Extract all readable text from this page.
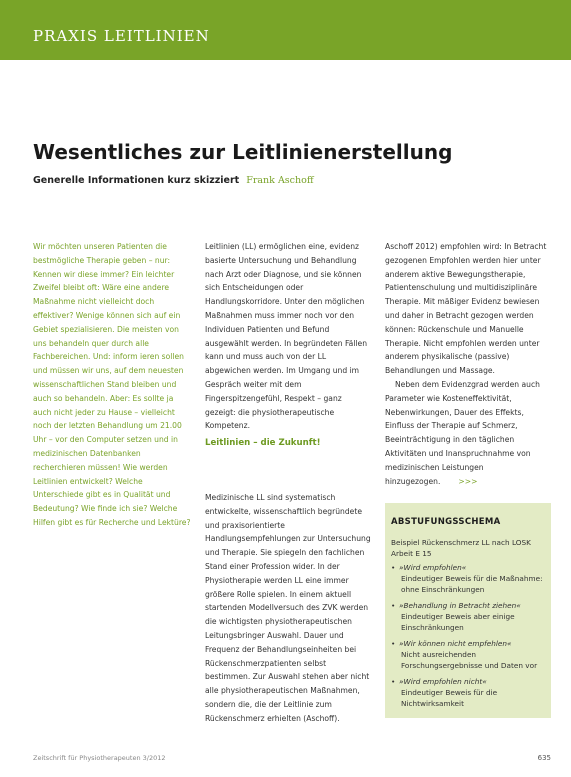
PRAXIS LEITLINIEN
Wesentliches zur Leitlinienerstellung
Generelle Informationen kurz skizziert Frank Aschoff

Wir möchten unseren Patienten die bestmögliche Therapie geben – nur: Kennen wir diese immer? Ein leichter Zweifel bleibt oft: Wäre eine andere Maßnahme nicht vielleicht doch effektiver? Wenige können sich auf ein Gebiet spezialisieren. Die meisten von uns behandeln quer durch alle Fachbereichen. Und: inform ieren sollen und müssen wir uns, auf dem neuesten wissenschaftlichen Stand bleiben und auch so behandeln. Aber: Es sollte ja auch nicht jeder zu Hause – vielleicht noch der letzten Behandlung um 21.00 Uhr – vor den Computer setzen und in medizinischen Datenbanken recherchieren müssen! Wie werden Leitlinien entwickelt? Welche Unterschiede gibt es in Qualität und Bedeutung? Wie finde ich sie? Welche Hilfen gibt es für Recherche und Lektüre?

Leitlinien (LL) ermöglichen eine, evidenz basierte Untersuchung und Behandlung nach Arzt oder Diagnose, und sie können sich Entscheidungen oder Handlungskorridore. Unter den möglichen Maßnahmen muss immer noch vor den Individuen Patienten und Befund ausgewählt werden. In begründeten Fällen kann und muss auch von der LL abgewichen werden. Im Umgang und im Gespräch weiter mit dem Fingerspitzengefühl, Respekt – ganz gezeigt: die physiotherapeutische Kompetenz.

Leitlinien – die Zukunft!

Medizinische LL sind systematisch entwickelte, wissenschaftlich begründete und praxisorientierte Handlungsempfehlungen zur Untersuchung und Therapie. Sie spiegeln den fachlichen Stand einer Profession wider. In der Physiotherapie werden LL eine immer größere Rolle spielen. In einem aktuell startenden Modellversuch des ZVK werden die wichtigsten physiotherapeutischen Leitungsbringer Auswahl. Dauer und Frequenz der Behandlungseinheiten bei Rückenschmerzpatienten selbst bestimmen. Zur Auswahl stehen aber nicht alle physiotherapeutischen Maßnahmen, sondern die, die der Leitlinie zum Rückenschmerz erhielten (Aschoff).

Aschoff 2012) empfohlen wird: In Betracht gezogenen Empfohlen werden hier unter anderem aktive Bewegungstherapie, Patientenschulung und multidisziplinäre Therapie. Mit mäßiger Evidenz bewiesen und daher in Betracht gezogen werden können: Rückenschule und Manuelle Therapie. Nicht empfohlen werden unter anderem physikalische (passive) Behandlungen und Massage.

Neben dem Evidenzgrad werden auch Parameter wie Kosteneffektivität, Nebenwirkungen, Dauer des Effekts, Einfluss der Therapie auf Schmerz, Beeinträchtigung in den täglichen Aktivitäten und Inanspruchnahme von medizinischen Leistungen hinzugezogen. >>>

ABSTUFUNGSSCHEMA

Beispiel Rückenschmerz LL nach LOSK Arbeit E 15

• »Wird empfohlen«
Eindeutiger Beweis für die Maßnahme: ohne Einschränkungen
• »Behandlung in Betracht ziehen«
Eindeutiger Beweis aber einige Einschränkungen
• »Wir können nicht empfehlen«
Nicht ausreichenden Forschungsergebnisse und Daten vor
• »Wird empfohlen nicht«
Eindeutiger Beweis für die Nichtwirksamkeit
Zeitschrift für Physiotherapeuten 3/2012	635
